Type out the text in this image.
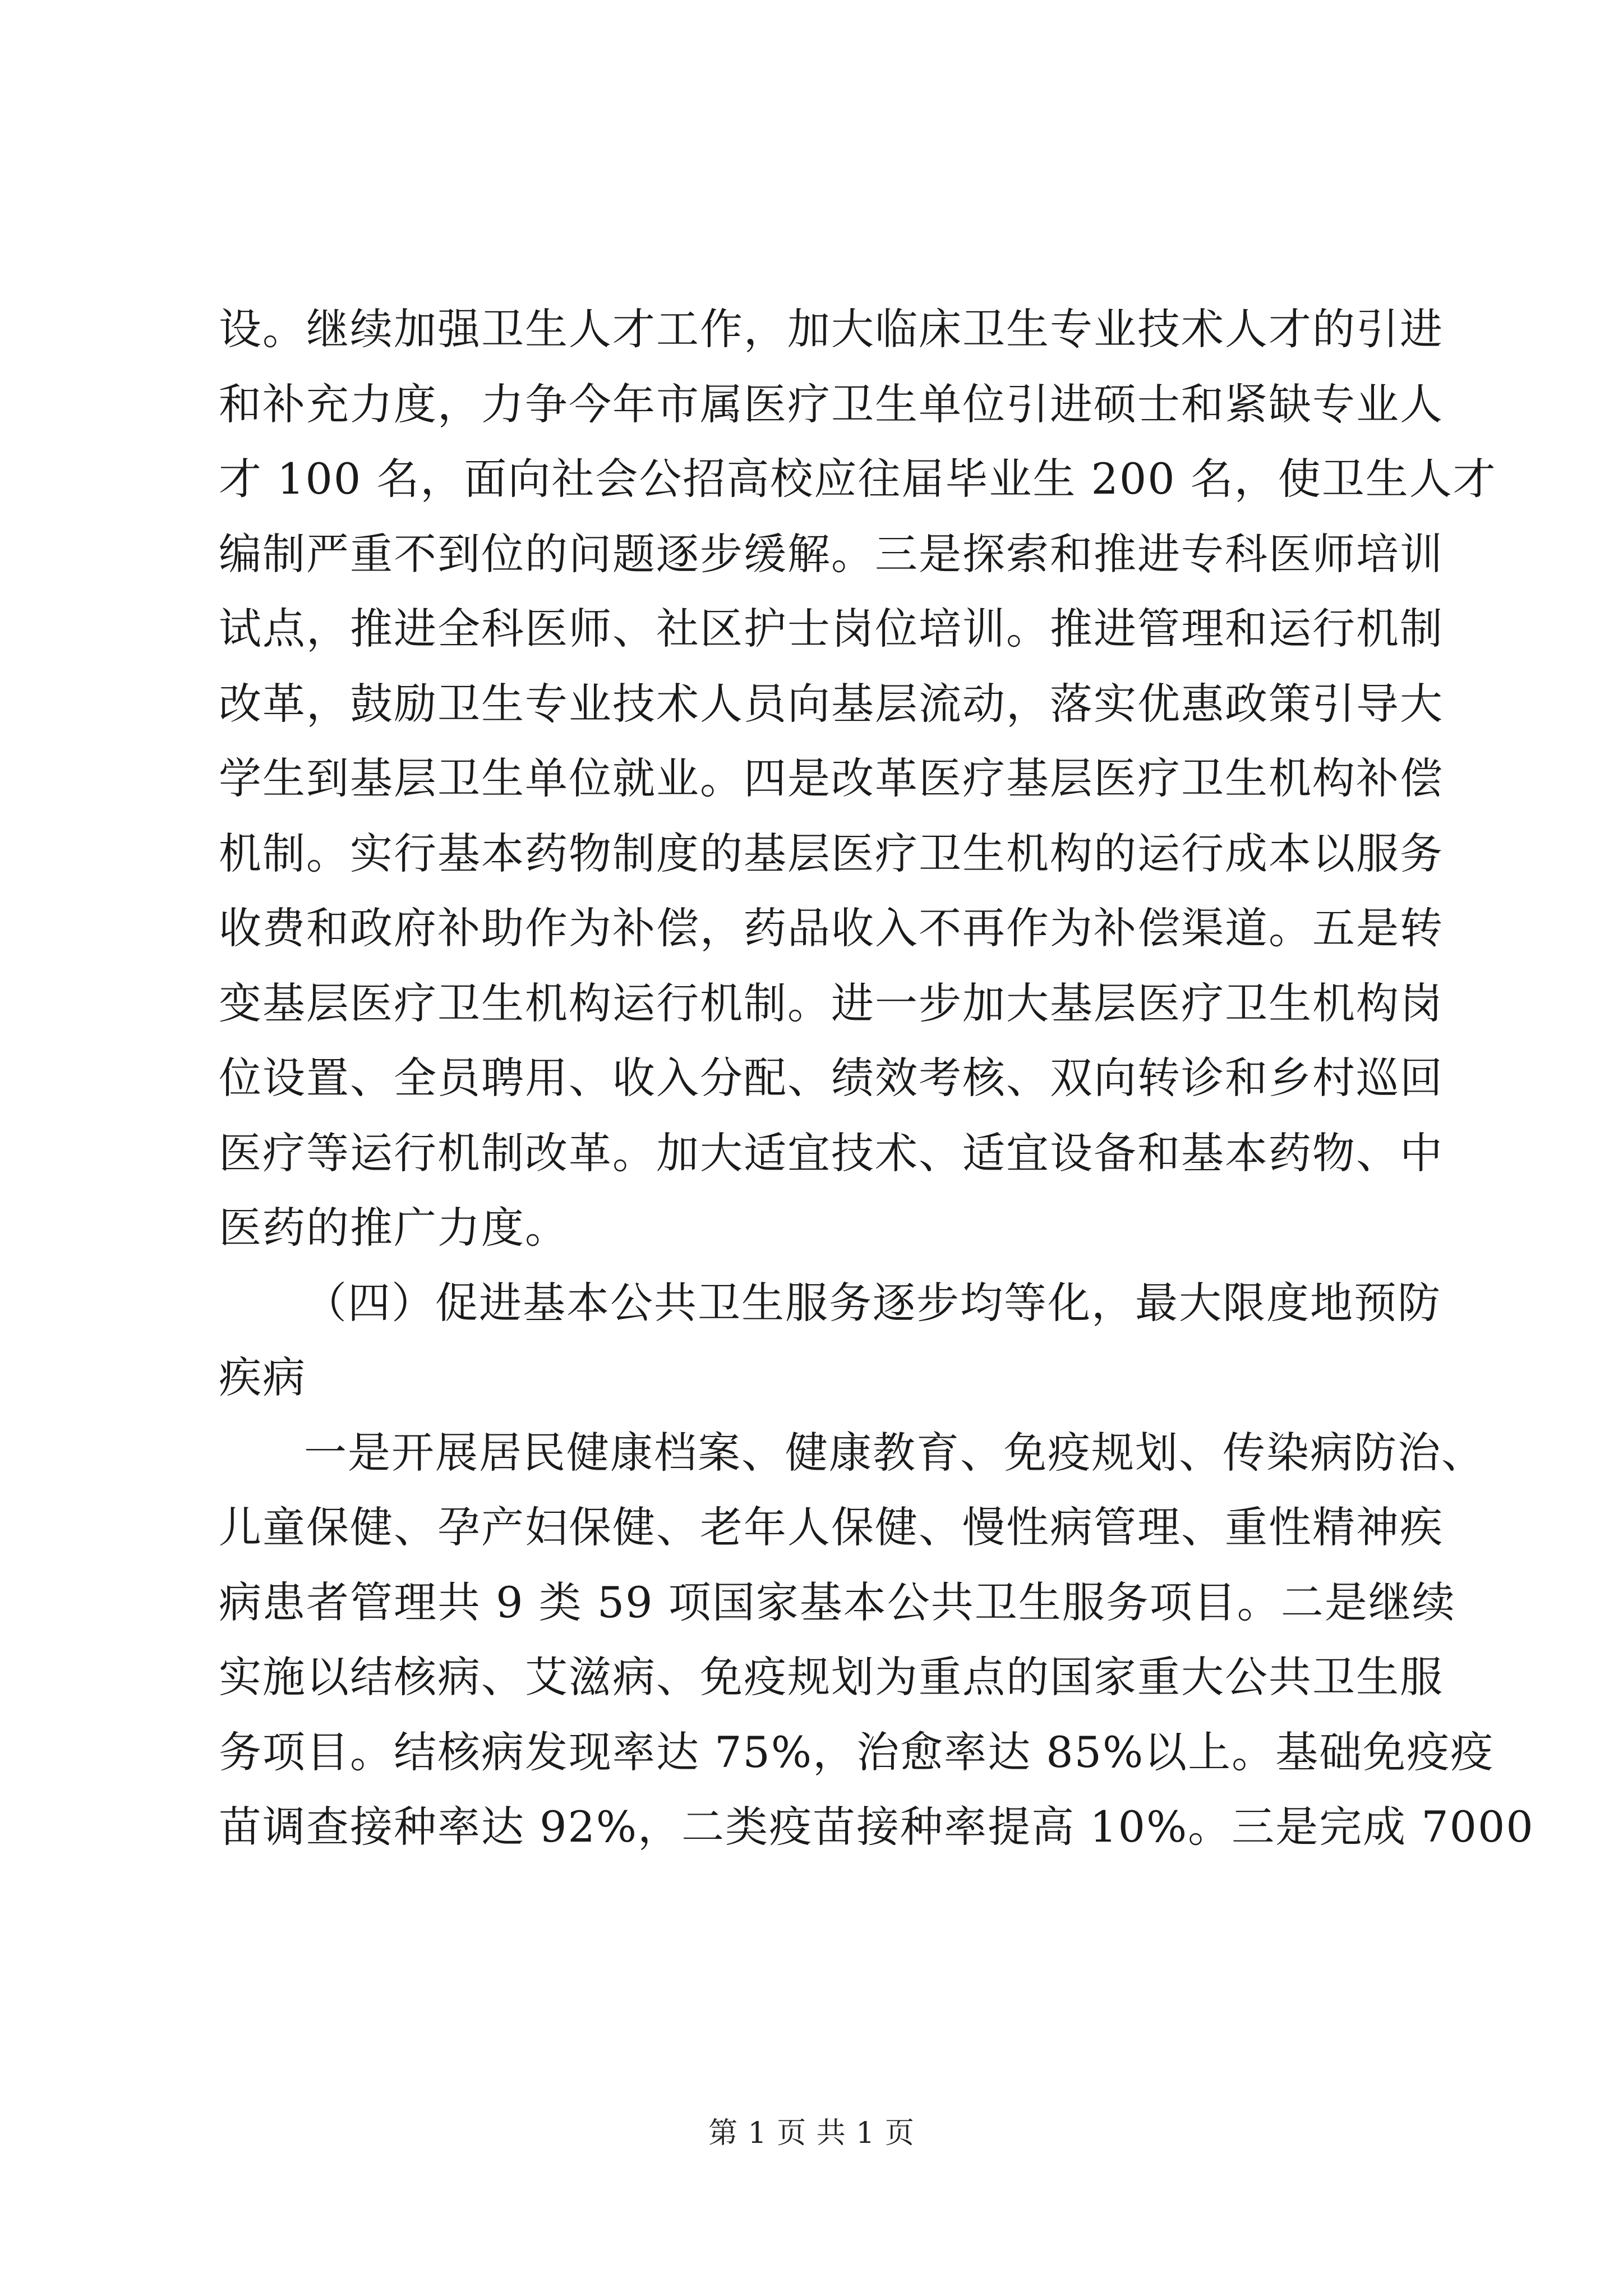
设。继续加强卫生人才工作，加大临床卫生专业技术人才的引进
和补充力度，力争今年市属医疗卫生单位引进硕士和紧缺专业人
才 100 名，面向社会公招高校应往届毕业生 200 名，使卫生人才
编制严重不到位的问题逐步缓解。三是探索和推进专科医师培训
试点，推进全科医师、社区护士岗位培训。推进管理和运行机制
改革，鼓励卫生专业技术人员向基层流动，落实优惠政策引导大
学生到基层卫生单位就业。四是改革医疗基层医疗卫生机构补偿
机制。实行基本药物制度的基层医疗卫生机构的运行成本以服务
收费和政府补助作为补偿，药品收入不再作为补偿渠道。五是转
变基层医疗卫生机构运行机制。进一步加大基层医疗卫生机构岗
位设置、全员聘用、收入分配、绩效考核、双向转诊和乡村巡回
医疗等运行机制改革。加大适宜技术、适宜设备和基本药物、中
医药的推广力度。
（四）促进基本公共卫生服务逐步均等化，最大限度地预防
疾病
一是开展居民健康档案、健康教育、免疫规划、传染病防治、
儿童保健、孕产妇保健、老年人保健、慢性病管理、重性精神疾
病患者管理共 9 类 59 项国家基本公共卫生服务项目。二是继续
实施以结核病、艾滋病、免疫规划为重点的国家重大公共卫生服
务项目。结核病发现率达 75%，治愈率达 85%以上。基础免疫疫
苗调查接种率达 92%，二类疫苗接种率提高 10%。三是完成 7000
第 1 页 共 1 页
